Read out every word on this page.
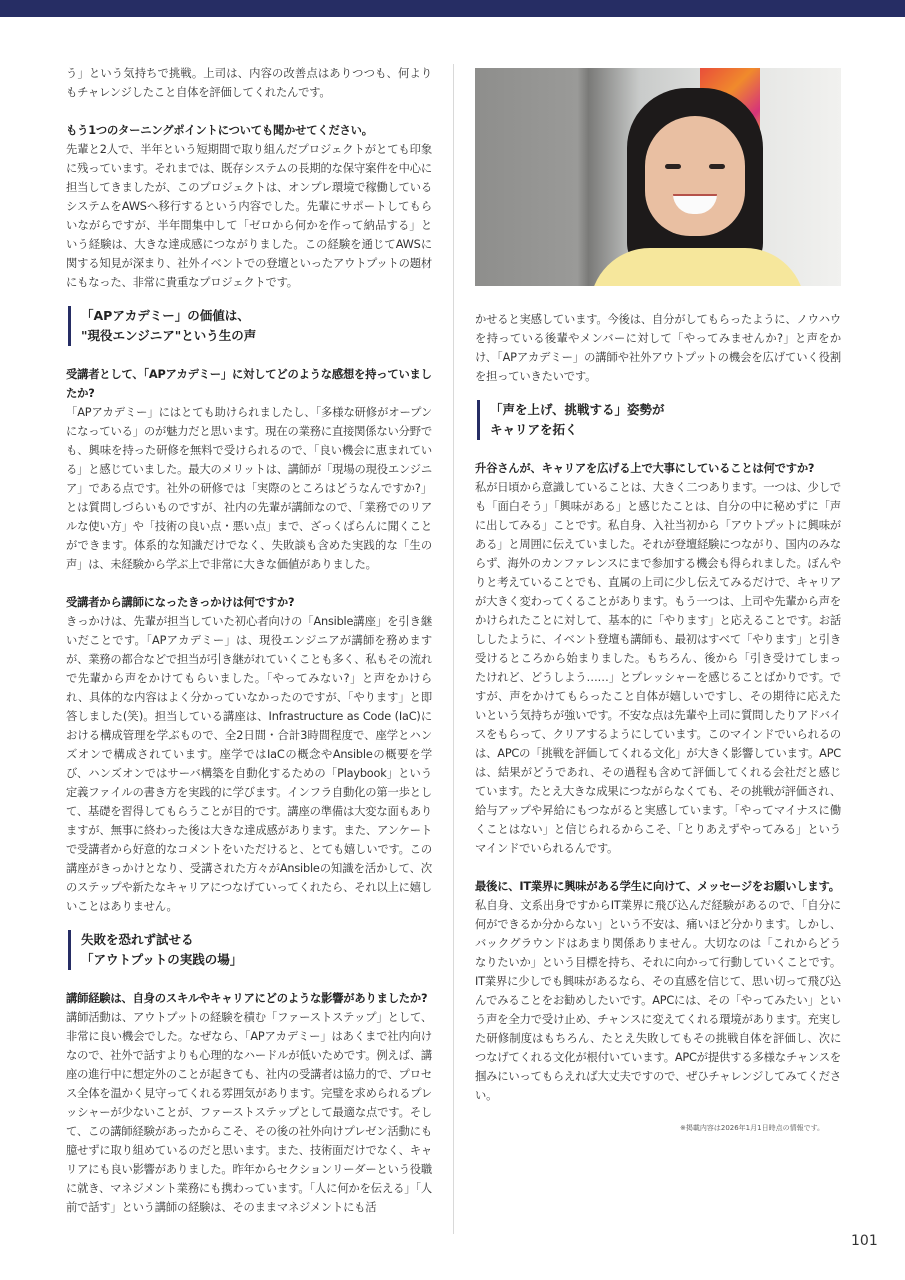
う」という気持ちで挑戦。上司は、内容の改善点はありつつも、何よりもチャレンジしたこと自体を評価してくれたんです。

もう1つのターニングポイントについても聞かせてください。

先輩と2人で、半年という短期間で取り組んだプロジェクトがとても印象に残っています。それまでは、既存システムの長期的な保守案件を中心に担当してきましたが、このプロジェクトは、オンプレ環境で稼働しているシステムをAWSへ移行するという内容でした。先輩にサポートしてもらいながらですが、半年間集中して「ゼロから何かを作って納品する」という経験は、大きな達成感につながりました。この経験を通じてAWSに関する知見が深まり、社外イベントでの登壇といったアウトプットの題材にもなった、非常に貴重なプロジェクトです。

「APアカデミー」の価値は、
"現役エンジニア"という生の声

受講者として、「APアカデミー」に対してどのような感想を持っていましたか?

「APアカデミー」にはとても助けられましたし、「多様な研修がオープンになっている」のが魅力だと思います。現在の業務に直接関係ない分野でも、興味を持った研修を無料で受けられるので、「良い機会に恵まれている」と感じていました。最大のメリットは、講師が「現場の現役エンジニア」である点です。社外の研修では「実際のところはどうなんですか?」とは質問しづらいものですが、社内の先輩が講師なので、「業務でのリアルな使い方」や「技術の良い点・悪い点」まで、ざっくばらんに聞くことができます。体系的な知識だけでなく、失敗談も含めた実践的な「生の声」は、未経験から学ぶ上で非常に大きな価値がありました。

受講者から講師になったきっかけは何ですか?

きっかけは、先輩が担当していた初心者向けの「Ansible講座」を引き継いだことです。「APアカデミー」は、現役エンジニアが講師を務めますが、業務の都合などで担当が引き継がれていくことも多く、私もその流れで先輩から声をかけてもらいました。「やってみない?」と声をかけられ、具体的な内容はよく分かっていなかったのですが、「やります」と即答しました(笑)。担当している講座は、Infrastructure as Code (IaC)における構成管理を学ぶもので、全2日間・合計3時間程度で、座学とハンズオンで構成されています。座学ではIaCの概念やAnsibleの概要を学び、ハンズオンではサーバ構築を自動化するための「Playbook」という定義ファイルの書き方を実践的に学びます。インフラ自動化の第一歩として、基礎を習得してもらうことが目的です。講座の準備は大変な面もありますが、無事に終わった後は大きな達成感があります。また、アンケートで受講者から好意的なコメントをいただけると、とても嬉しいです。この講座がきっかけとなり、受講された方々がAnsibleの知識を活かして、次のステップや新たなキャリアにつなげていってくれたら、それ以上に嬉しいことはありません。

失敗を恐れず試せる
「アウトプットの実践の場」

講師経験は、自身のスキルやキャリアにどのような影響がありましたか?

講師活動は、アウトプットの経験を積む「ファーストステップ」として、非常に良い機会でした。なぜなら、「APアカデミー」はあくまで社内向けなので、社外で話すよりも心理的なハードルが低いためです。例えば、講座の進行中に想定外のことが起きても、社内の受講者は協力的で、プロセス全体を温かく見守ってくれる雰囲気があります。完璧を求められるプレッシャーが少ないことが、ファーストステップとして最適な点です。そして、この講師経験があったからこそ、その後の社外向けプレゼン活動にも臆せずに取り組めているのだと思います。また、技術面だけでなく、キャリアにも良い影響がありました。昨年からセクションリーダーという役職に就き、マネジメント業務にも携わっています。「人に何かを伝える」「人前で話す」という講師の経験は、そのままマネジメントにも活

かせると実感しています。今後は、自分がしてもらったように、ノウハウを持っている後輩やメンバーに対して「やってみませんか?」と声をかけ、「APアカデミー」の講師や社外アウトプットの機会を広げていく役割を担っていきたいです。

「声を上げ、挑戦する」姿勢が
キャリアを拓く

升谷さんが、キャリアを広げる上で大事にしていることは何ですか?

私が日頃から意識していることは、大きく二つあります。一つは、少しでも「面白そう」「興味がある」と感じたことは、自分の中に秘めずに「声に出してみる」ことです。私自身、入社当初から「アウトプットに興味がある」と周囲に伝えていました。それが登壇経験につながり、国内のみならず、海外のカンファレンスにまで参加する機会も得られました。ぼんやりと考えていることでも、直属の上司に少し伝えてみるだけで、キャリアが大きく変わってくることがあります。もう一つは、上司や先輩から声をかけられたことに対して、基本的に「やります」と応えることです。お話ししたように、イベント登壇も講師も、最初はすべて「やります」と引き受けるところから始まりました。もちろん、後から「引き受けてしまったけれど、どうしよう……」とプレッシャーを感じることばかりです。ですが、声をかけてもらったこと自体が嬉しいですし、その期待に応えたいという気持ちが強いです。不安な点は先輩や上司に質問したりアドバイスをもらって、クリアするようにしています。このマインドでいられるのは、APCの「挑戦を評価してくれる文化」が大きく影響しています。APCは、結果がどうであれ、その過程も含めて評価してくれる会社だと感じています。たとえ大きな成果につながらなくても、その挑戦が評価され、給与アップや昇給にもつながると実感しています。「やってマイナスに働くことはない」と信じられるからこそ、「とりあえずやってみる」というマインドでいられるんです。

最後に、IT業界に興味がある学生に向けて、メッセージをお願いします。

私自身、文系出身ですからIT業界に飛び込んだ経験があるので、「自分に何ができるか分からない」という不安は、痛いほど分かります。しかし、バックグラウンドはあまり関係ありません。大切なのは「これからどうなりたいか」という目標を持ち、それに向かって行動していくことです。IT業界に少しでも興味があるなら、その直感を信じて、思い切って飛び込んでみることをお勧めしたいです。APCには、その「やってみたい」という声を全力で受け止め、チャンスに変えてくれる環境があります。充実した研修制度はもちろん、たとえ失敗してもその挑戦自体を評価し、次につなげてくれる文化が根付いています。APCが提供する多様なチャンスを掴みにいってもらえれば大丈夫ですので、ぜひチャレンジしてみてください。

※掲載内容は2026年1月1日時点の情報です。
101
